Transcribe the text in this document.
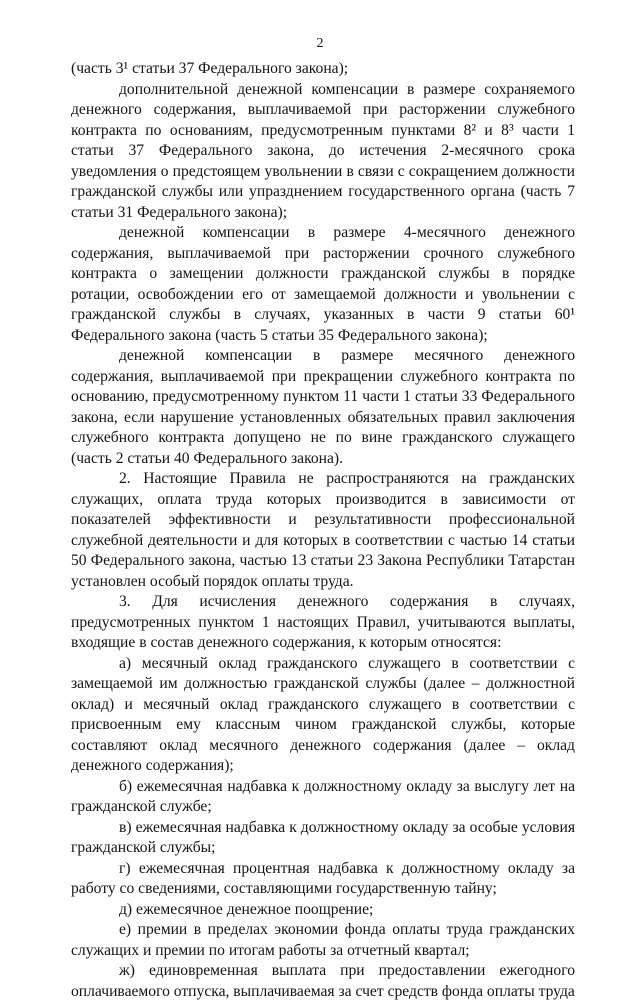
2

(часть 3¹ статьи 37 Федерального закона);

дополнительной денежной компенсации в размере сохраняемого денежного содержания, выплачиваемой при расторжении служебного контракта по основаниям, предусмотренным пунктами 8² и 8³ части 1 статьи 37 Федерального закона, до истечения 2-месячного срока уведомления о предстоящем увольнении в связи с сокращением должности гражданской службы или упразднением государственного органа (часть 7 статьи 31 Федерального закона);

денежной компенсации в размере 4-месячного денежного содержания, выплачиваемой при расторжении срочного служебного контракта о замещении должности гражданской службы в порядке ротации, освобождении его от замещаемой должности и увольнении с гражданской службы в случаях, указанных в части 9 статьи 60¹ Федерального закона (часть 5 статьи 35 Федерального закона);

денежной компенсации в размере месячного денежного содержания, выплачиваемой при прекращении служебного контракта по основанию, предусмотренному пунктом 11 части 1 статьи 33 Федерального закона, если нарушение установленных обязательных правил заключения служебного контракта допущено не по вине гражданского служащего (часть 2 статьи 40 Федерального закона).

2. Настоящие Правила не распространяются на гражданских служащих, оплата труда которых производится в зависимости от показателей эффективности и результативности профессиональной служебной деятельности и для которых в соответствии с частью 14 статьи 50 Федерального закона, частью 13 статьи 23 Закона Республики Татарстан установлен особый порядок оплаты труда.

3. Для исчисления денежного содержания в случаях, предусмотренных пунктом 1 настоящих Правил, учитываются выплаты, входящие в состав денежного содержания, к которым относятся:

а) месячный оклад гражданского служащего в соответствии с замещаемой им должностью гражданской службы (далее – должностной оклад) и месячный оклад гражданского служащего в соответствии с присвоенным ему классным чином гражданской службы, которые составляют оклад месячного денежного содержания (далее – оклад денежного содержания);

б) ежемесячная надбавка к должностному окладу за выслугу лет на гражданской службе;

в) ежемесячная надбавка к должностному окладу за особые условия гражданской службы;

г) ежемесячная процентная надбавка к должностному окладу за работу со сведениями, составляющими государственную тайну;

д) ежемесячное денежное поощрение;

е) премии в пределах экономии фонда оплаты труда гражданских служащих и премии по итогам работы за отчетный квартал;

ж) единовременная выплата при предоставлении ежегодного оплачиваемого отпуска, выплачиваемая за счет средств фонда оплаты труда
